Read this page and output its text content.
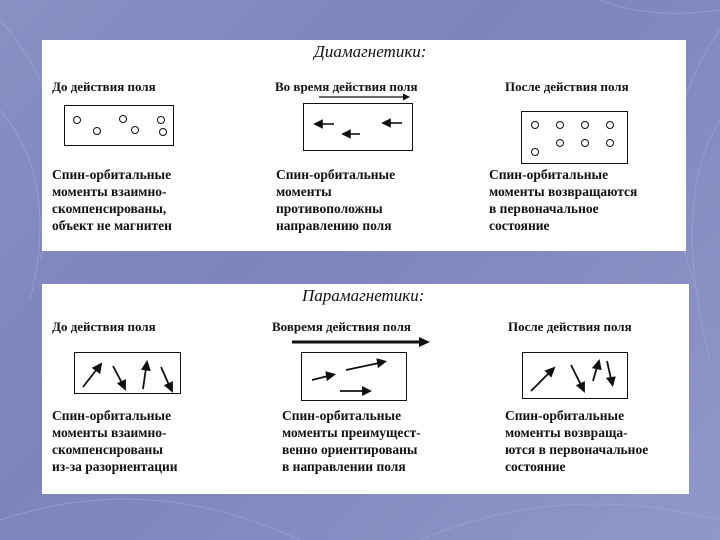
Диамагнетики:
До действия поля	Во время действия поля	После действия поля
Спин-орбитальные
моменты взаимно-
скомпенсированы,
объект не магнитен
Спин-орбитальные
моменты
противоположны
направлению поля
Спин-орбитальные
моменты возвращаются
в первоначальное
состояние
Парамагнетики:
До действия поля	Вовремя действия поля	После действия поля
Спин-орбитальные
моменты взаимно-
скомпенсированы
из-за разориентации
Спин-орбитальные
моменты преимущест-
венно ориентированы
в направлении поля
Спин-орбитальные
моменты возвраща-
ются в первоначальное
состояние
